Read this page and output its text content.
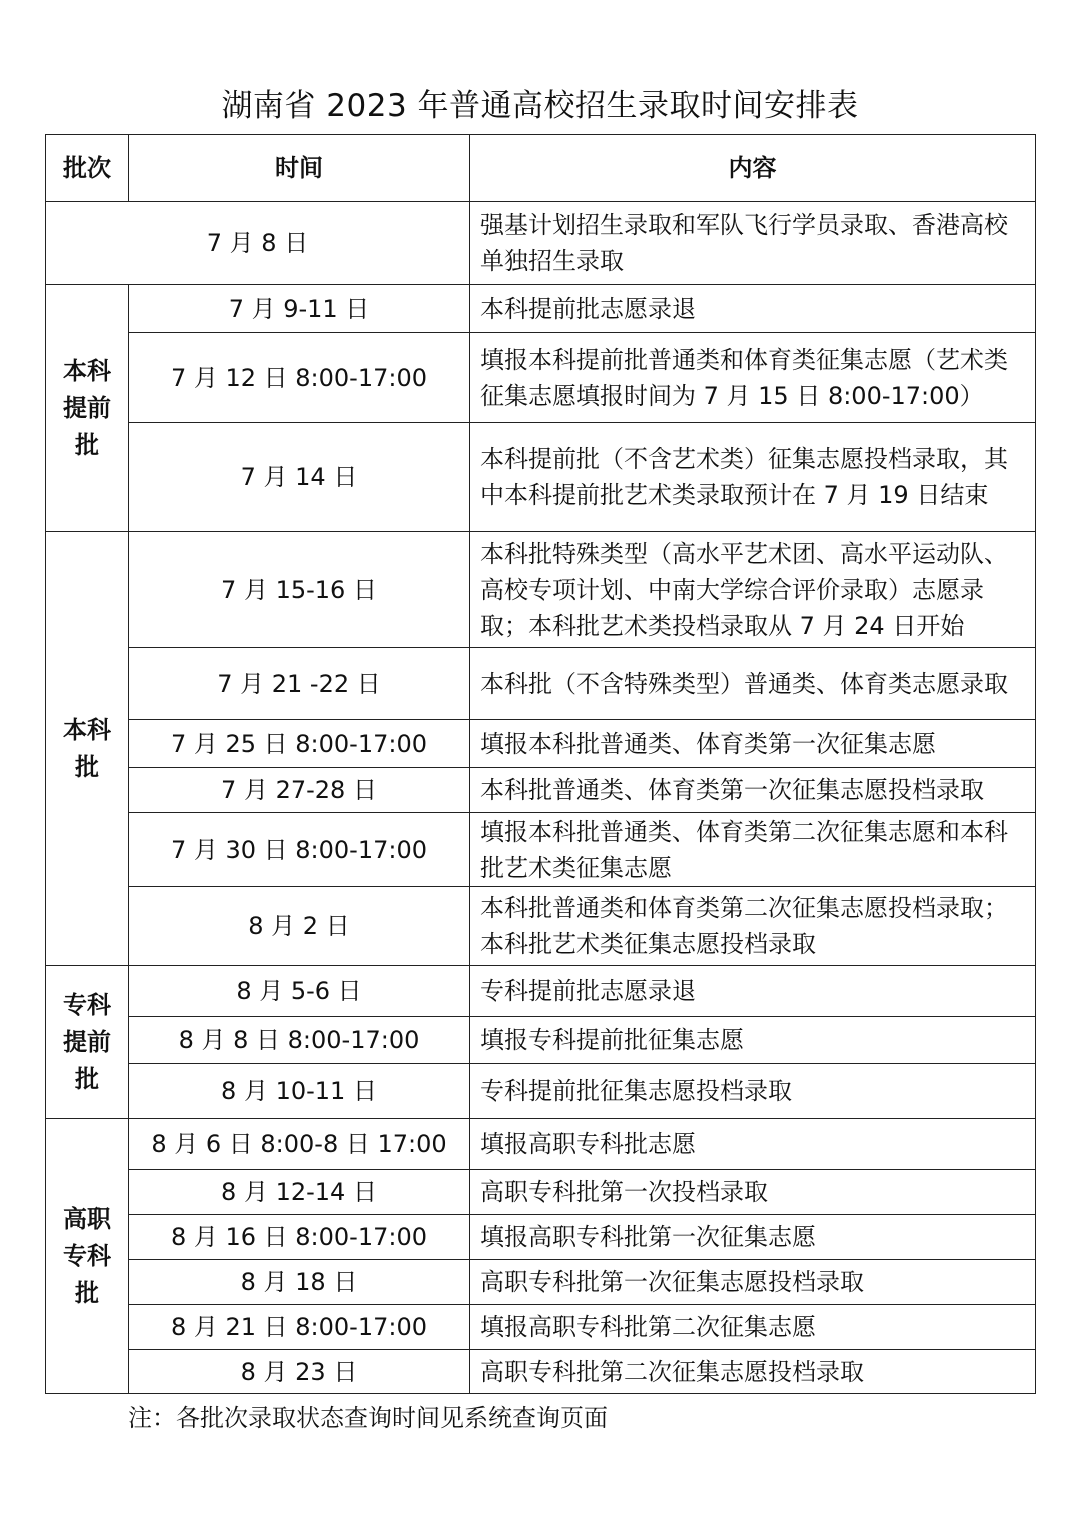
湖南省 2023 年普通高校招生录取时间安排表
批次	时间	内容
7 月 8 日		强基计划招生录取和军队飞行学员录取、香港高校单独招生录取

本科提前批	7 月 9-11 日	本科提前批志愿录退
	7 月 12 日 8:00-17:00	填报本科提前批普通类和体育类征集志愿（艺术类征集志愿填报时间为 7 月 15 日 8:00-17:00）
	7 月 14 日	本科提前批（不含艺术类）征集志愿投档录取，其中本科提前批艺术类录取预计在 7 月 19 日结束

本科批	7 月 15-16 日	本科批特殊类型（高水平艺术团、高水平运动队、高校专项计划、中南大学综合评价录取）志愿录取；本科批艺术类投档录取从 7 月 24 日开始
	7 月 21 -22 日	本科批（不含特殊类型）普通类、体育类志愿录取
	7 月 25 日 8:00-17:00	填报本科批普通类、体育类第一次征集志愿
	7 月 27-28 日	本科批普通类、体育类第一次征集志愿投档录取
	7 月 30 日 8:00-17:00	填报本科批普通类、体育类第二次征集志愿和本科批艺术类征集志愿
	8 月 2 日	本科批普通类和体育类第二次征集志愿投档录取；本科批艺术类征集志愿投档录取

专科提前批	8 月 5-6 日	专科提前批志愿录退
	8 月 8 日 8:00-17:00	填报专科提前批征集志愿
	8 月 10-11 日	专科提前批征集志愿投档录取

高职专科批	8 月 6 日 8:00-8 日 17:00	填报高职专科批志愿
	8 月 12-14 日	高职专科批第一次投档录取
	8 月 16 日 8:00-17:00	填报高职专科批第一次征集志愿
	8 月 18 日	高职专科批第一次征集志愿投档录取
	8 月 21 日 8:00-17:00	填报高职专科批第二次征集志愿
	8 月 23 日	高职专科批第二次征集志愿投档录取
注：各批次录取状态查询时间见系统查询页面
